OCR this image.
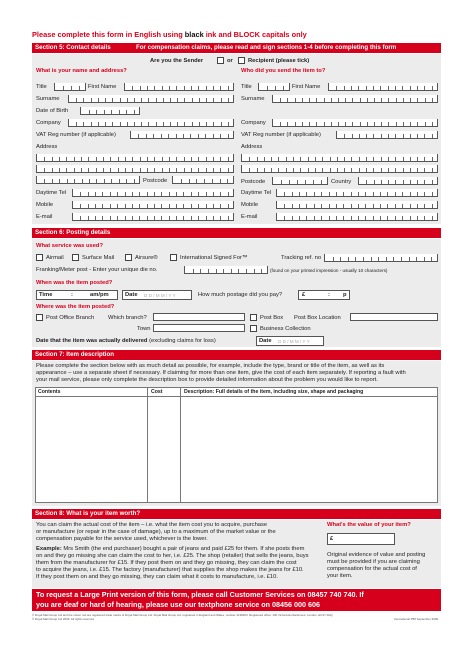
Please complete this form in English using black ink and BLOCK capitals only
Section 5: Contact details	For compensation claims, please read and sign sections 1-4 before completing this form
Are you the Sender	or	Recipient (please tick)
What is your name and address?	Who did you send the item to?
Title	First Name
Surname
Date of Birth
Company
VAT Reg number (if applicable)
Address
Postcode
Daytime Tel
Mobile
E-mail
Title	First Name
Surname
Company
VAT Reg number (if applicable)
Address
Postcode	Country
Daytime Tel
Mobile
E-mail
Section 6: Posting details
What service was used?
Airmail	Surface Mail	Airsure®	International Signed For™	Tracking ref. no
Franking/Meter post - Enter your unique die no.	(found on your printed impression - usually 10 characters)
When was the item posted?
Time	:	am/pm	Date D D / M M / Y Y	How much postage did you pay?	£	: p
Where was the item posted?
Post Office Branch Which branch?	Post Box Post Box Location
Town	Business Collection
Date that the item was actually delivered (excluding claims for loss)	Date D D / M M / Y Y
Section 7: Item description
Please complete the section below with as much detail as possible, for example, include the type, brand or title of the item, as well as its
appearance – use a separate sheet if necessary. If claiming for more than one item, give the cost of each item separately. If reporting a fault with
your mail service, please only complete the description box to provide detailed information about the problem you would like to report.
Contents	Cost	Description: Full details of the item, including size, shape and packaging
Section 8: What is your item worth?
You can claim the actual cost of the item – i.e. what the item cost you to acquire, purchase
or manufacture (or repair in the case of damage), up to a maximum of the market value or the
compensation payable for the service used, whichever is the lower.
Example: Mrs Smith (the end purchaser) bought a pair of jeans and paid £25 for them. If she posts them
on and they go missing she can claim the cost to her, i.e. £25. The shop (retailer) that sells the jeans, buys
them from the manufacturer for £15. If they post them on and they go missing, they can claim the cost
to acquire the jeans, i.e. £15. The factory (manufacturer) that supplies the shop makes the jeans for £10.
If they post them on and they go missing, they can claim what it costs to manufacture, i.e. £10.
What's the value of your item?
£
Original evidence of value and posting
must be provided if you are claiming
compensation for the actual cost of
your item.
To request a Large Print version of this form, please call Customer Services on 08457 740 740. If
you are deaf or hard of hearing, please use our textphone service on 08456 000 606
© Royal Mail Group Ltd and the colour red are registered trade marks of Royal Mail Group Ltd. Royal Mail Group Ltd, registered in England and Wales, number 4138203. Registered office: 100 Victoria Embankment, London, EC4Y 0HQ.
© Royal Mail Group Ltd 2009. All rights reserved.	International P58 September 2009
